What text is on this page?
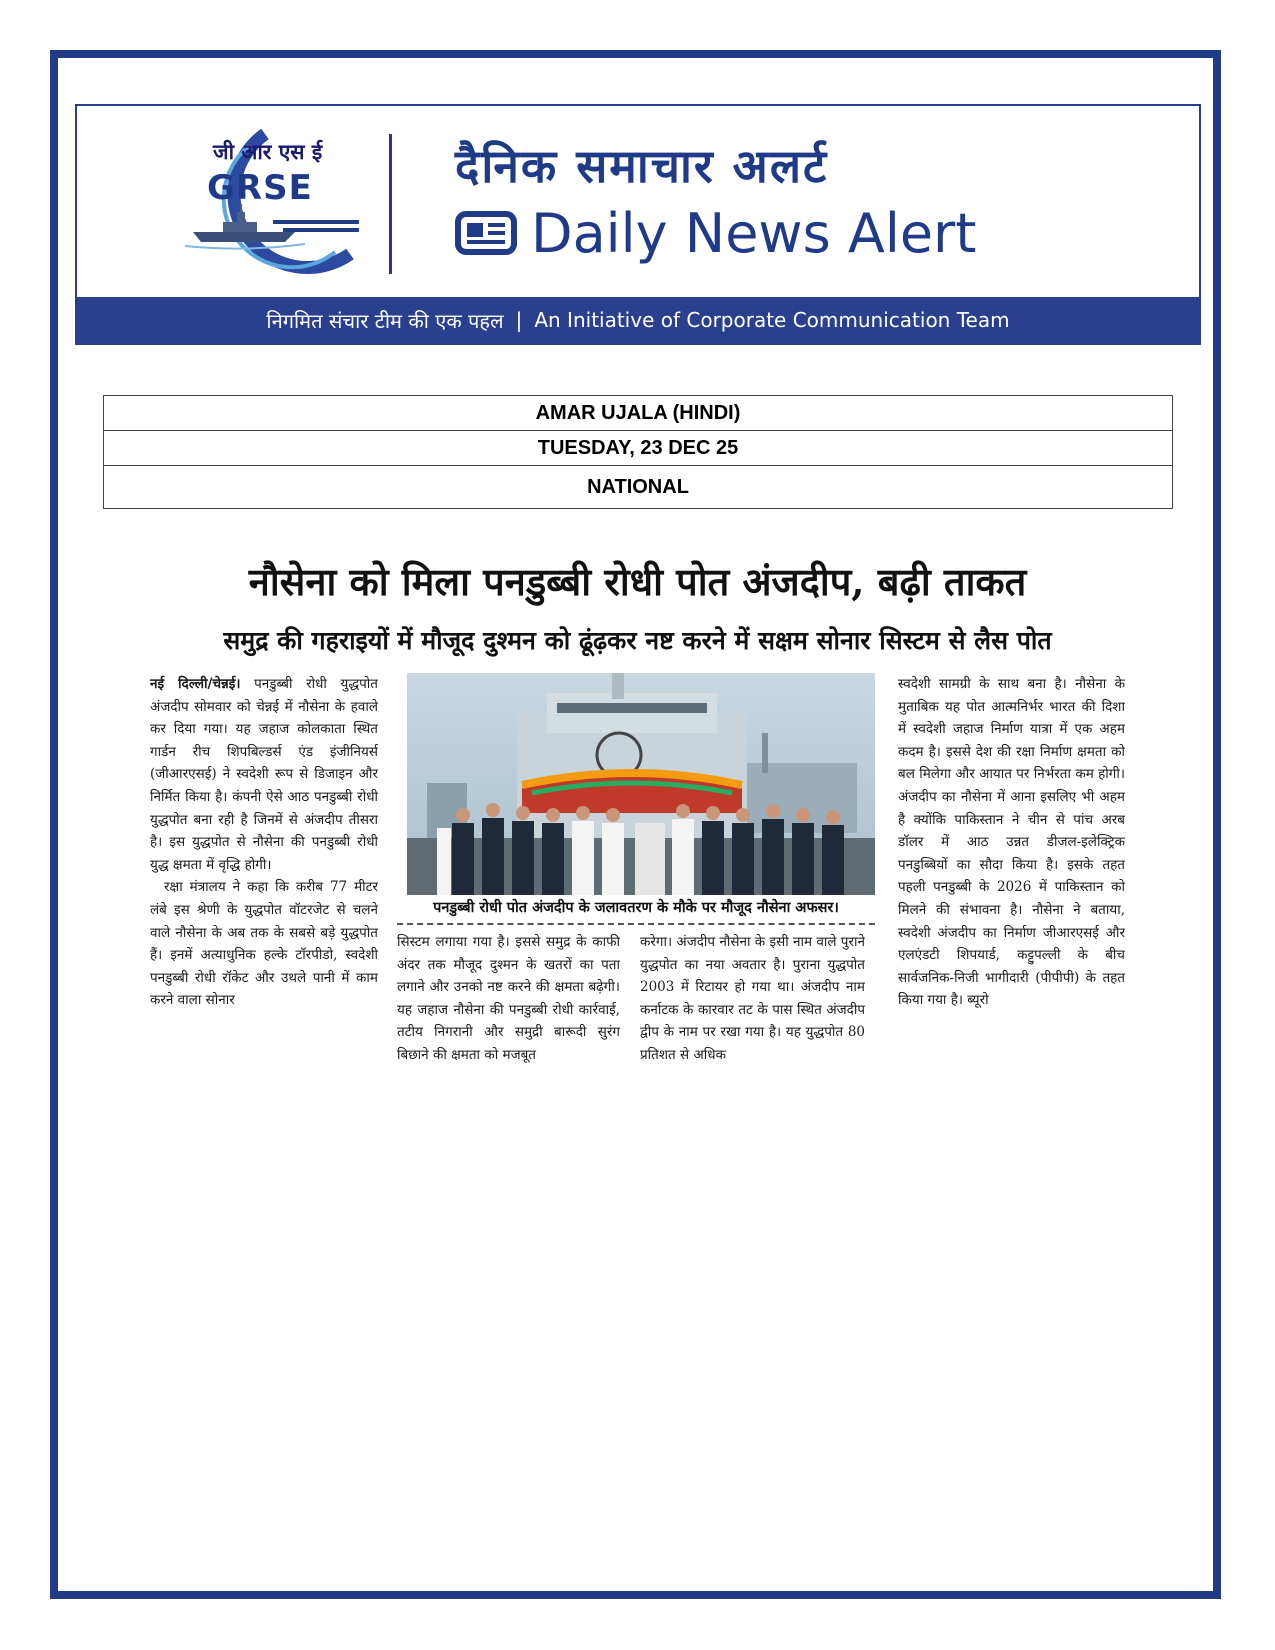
जी आर एस ई
GRSE	दैनिक समाचार अलर्ट
Daily News Alert
निगमित संचार टीम की एक पहल | An Initiative of Corporate Communication Team
AMAR UJALA (HINDI)
TUESDAY, 23 DEC 25
NATIONAL
नौसेना को मिला पनडुब्बी रोधी पोत अंजदीप, बढ़ी ताकत
समुद्र की गहराइयों में मौजूद दुश्मन को ढूंढ़कर नष्ट करने में सक्षम सोनार सिस्टम से लैस पोत

नई दिल्ली/चेन्नई। पनडुब्बी रोधी युद्धपोत अंजदीप सोमवार को चेन्नई में नौसेना के हवाले कर दिया गया। यह जहाज कोलकाता स्थित गार्डन रीच शिपबिल्डर्स एंड इंजीनियर्स (जीआरएसई) ने स्वदेशी रूप से डिजाइन और निर्मित किया है। कंपनी ऐसे आठ पनडुब्बी रोधी युद्धपोत बना रही है जिनमें से अंजदीप तीसरा है। इस युद्धपोत से नौसेना की पनडुब्बी रोधी युद्ध क्षमता में वृद्धि होगी।

रक्षा मंत्रालय ने कहा कि करीब 77 मीटर लंबे इस श्रेणी के युद्धपोत वॉटरजेट से चलने वाले नौसेना के अब तक के सबसे बड़े युद्धपोत हैं। इनमें अत्याधुनिक हल्के टॉरपीडो, स्वदेशी पनडुब्बी रोधी रॉकेट और उथले पानी में काम करने वाला सोनार

पनडुब्बी रोधी पोत अंजदीप के जलावतरण के मौके पर मौजूद नौसेना अफसर।

सिस्टम लगाया गया है। इससे समुद्र के काफी अंदर तक मौजूद दुश्मन के खतरों का पता लगाने और उनको नष्ट करने की क्षमता बढ़ेगी। यह जहाज नौसेना की पनडुब्बी रोधी कार्रवाई, तटीय निगरानी और समुद्री बारूदी सुरंग बिछाने की क्षमता को मजबूत

करेगा। अंजदीप नौसेना के इसी नाम वाले पुराने युद्धपोत का नया अवतार है। पुराना युद्धपोत 2003 में रिटायर हो गया था। अंजदीप नाम कर्नाटक के कारवार तट के पास स्थित अंजदीप द्वीप के नाम पर रखा गया है। यह युद्धपोत 80 प्रतिशत से अधिक

स्वदेशी सामग्री के साथ बना है। नौसेना के मुताबिक यह पोत आत्मनिर्भर भारत की दिशा में स्वदेशी जहाज निर्माण यात्रा में एक अहम कदम है। इससे देश की रक्षा निर्माण क्षमता को बल मिलेगा और आयात पर निर्भरता कम होगी। अंजदीप का नौसेना में आना इसलिए भी अहम है क्योंकि पाकिस्तान ने चीन से पांच अरब डॉलर में आठ उन्नत डीजल-इलेक्ट्रिक पनडुब्बियों का सौदा किया है। इसके तहत पहली पनडुब्बी के 2026 में पाकिस्तान को मिलने की संभावना है। नौसेना ने बताया, स्वदेशी अंजदीप का निर्माण जीआरएसई और एलएंडटी शिपयार्ड, कट्टुपल्ली के बीच सार्वजनिक-निजी भागीदारी (पीपीपी) के तहत किया गया है। ब्यूरो
